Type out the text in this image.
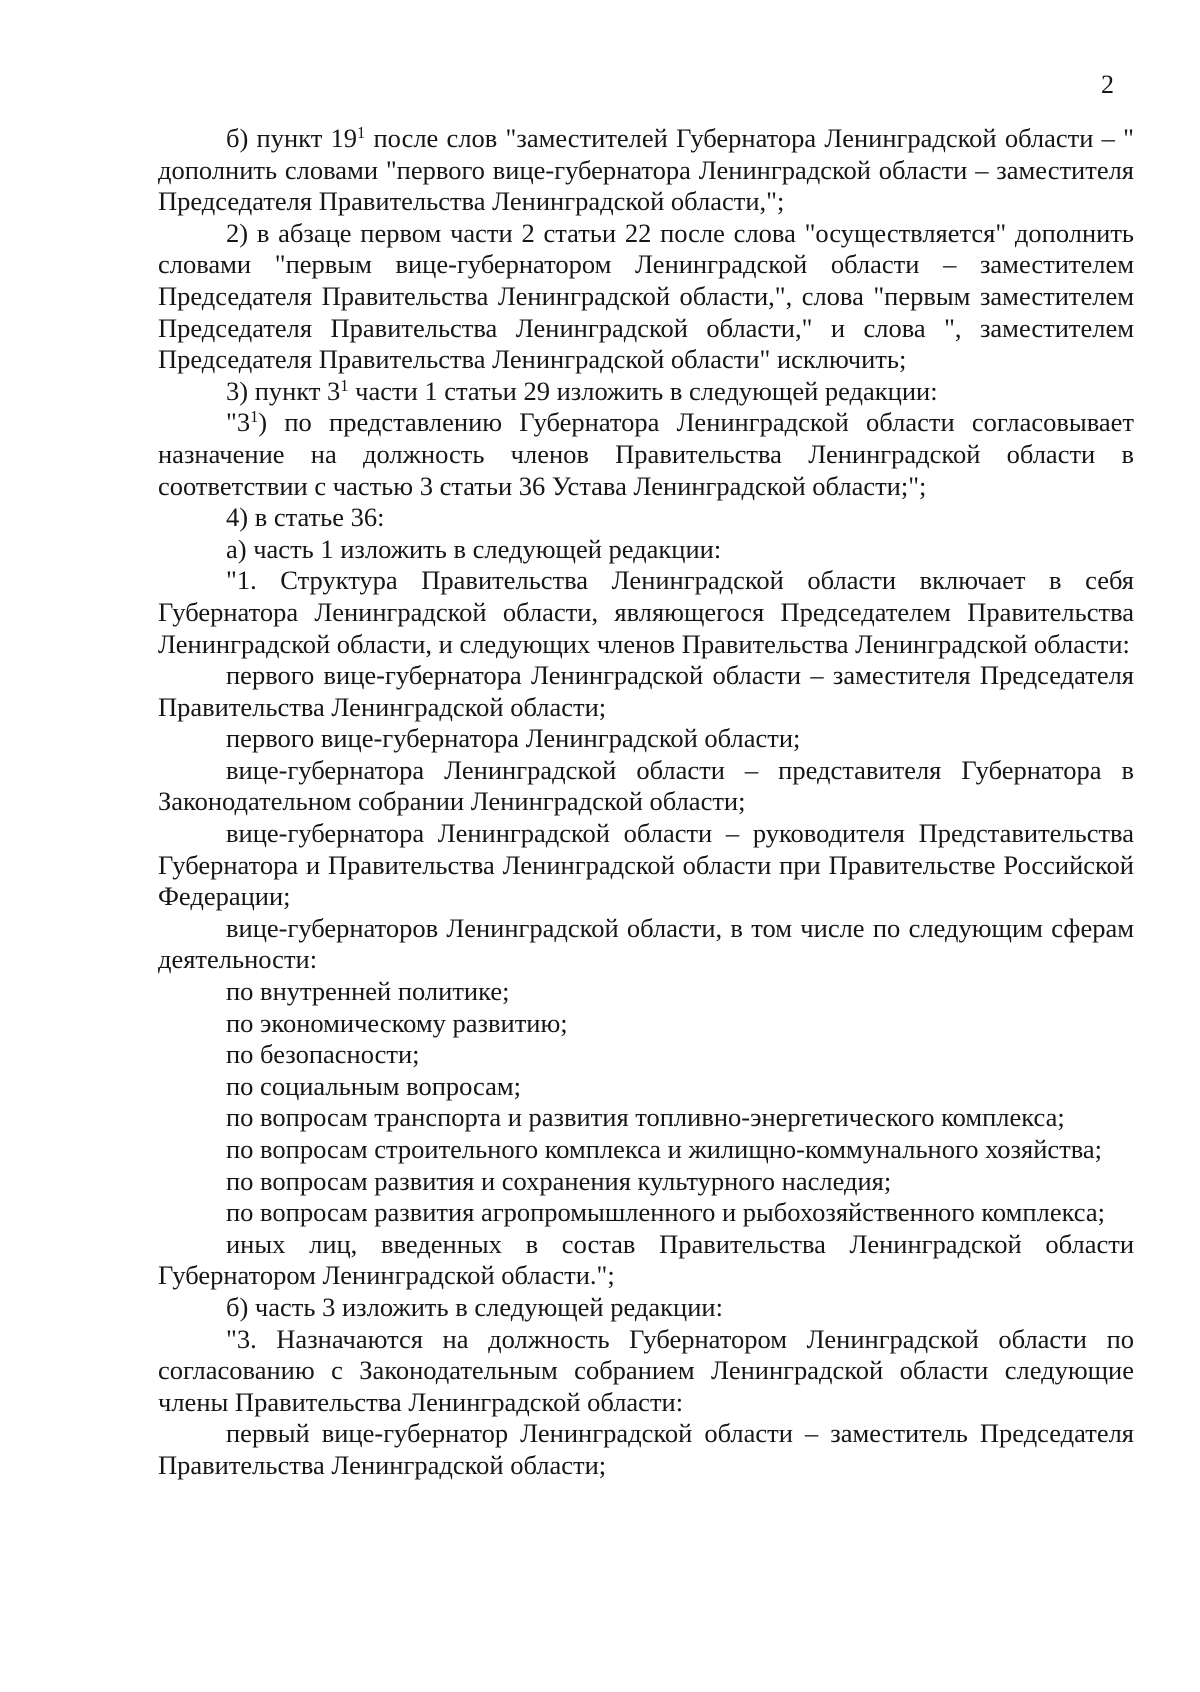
2

б) пункт $19^1$ после слов "заместителей Губернатора Ленинградской области – " дополнить словами "первого вице-губернатора Ленинградской области – заместителя Председателя Правительства Ленинградской области,";

2) в абзаце первом части 2 статьи 22 после слова "осуществляется" дополнить словами "первым вице-губернатором Ленинградской области – заместителем Председателя Правительства Ленинградской области,", слова "первым заместителем Председателя Правительства Ленинградской области," и слова ", заместителем Председателя Правительства Ленинградской области" исключить;

3) пункт $3^1$ части 1 статьи 29 изложить в следующей редакции:

"$3^1$) по представлению Губернатора Ленинградской области согласовывает назначение на должность членов Правительства Ленинградской области в соответствии с частью 3 статьи 36 Устава Ленинградской области;";

4) в статье 36:

а) часть 1 изложить в следующей редакции:

"1. Структура Правительства Ленинградской области включает в себя Губернатора Ленинградской области, являющегося Председателем Правительства Ленинградской области, и следующих членов Правительства Ленинградской области:

первого вице-губернатора Ленинградской области – заместителя Председателя Правительства Ленинградской области;

первого вице-губернатора Ленинградской области;

вице-губернатора Ленинградской области – представителя Губернатора в Законодательном собрании Ленинградской области;

вице-губернатора Ленинградской области – руководителя Представительства Губернатора и Правительства Ленинградской области при Правительстве Российской Федерации;

вице-губернаторов Ленинградской области, в том числе по следующим сферам деятельности:

по внутренней политике;

по экономическому развитию;

по безопасности;

по социальным вопросам;

по вопросам транспорта и развития топливно-энергетического комплекса;

по вопросам строительного комплекса и жилищно-коммунального хозяйства;

по вопросам развития и сохранения культурного наследия;

по вопросам развития агропромышленного и рыбохозяйственного комплекса;

иных лиц, введенных в состав Правительства Ленинградской области Губернатором Ленинградской области.";

б) часть 3 изложить в следующей редакции:

"3. Назначаются на должность Губернатором Ленинградской области по согласованию с Законодательным собранием Ленинградской области следующие члены Правительства Ленинградской области:

первый вице-губернатор Ленинградской области – заместитель Председателя Правительства Ленинградской области;
